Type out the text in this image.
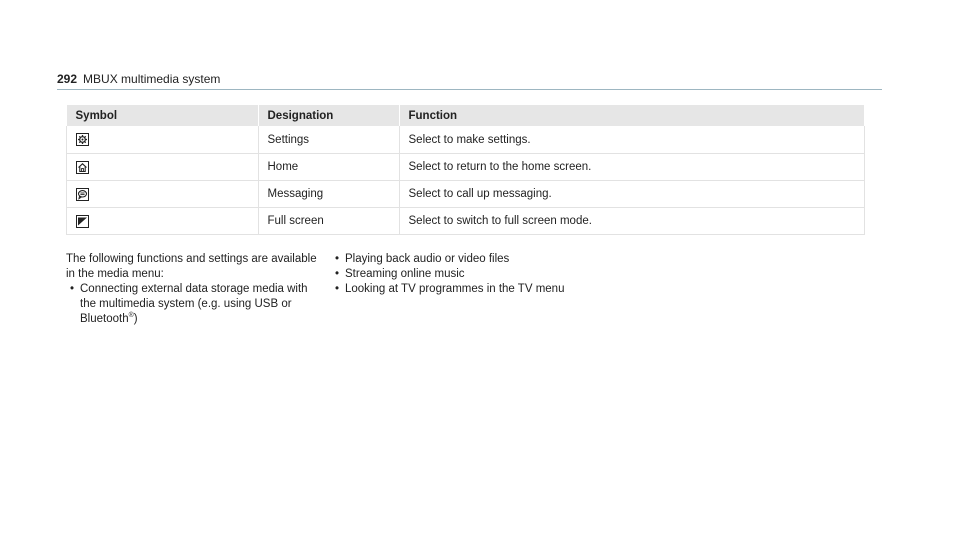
292 MBUX multimedia system
Symbol	Designation	Function

	Settings	Select to make settings.

	Home	Select to return to the home screen.

	Messaging	Select to call up messaging.

	Full screen	Select to switch to full screen mode.

The following functions and settings are available in the media menu:

• Connecting external data storage media with the multimedia system (e.g. using USB or Bluetooth®)
• Playing back audio or video files
• Streaming online music
• Looking at TV programmes in the TV menu
